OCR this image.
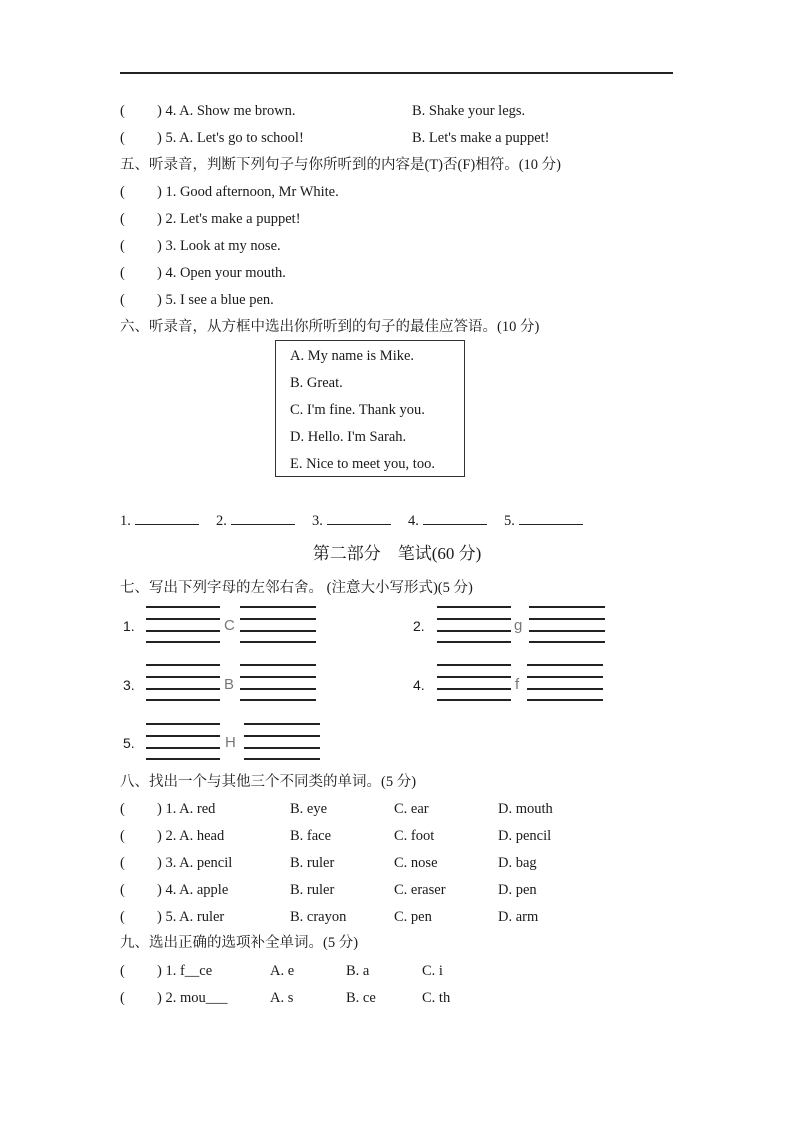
( ) 4. A. Show me brown.	B. Shake your legs.
( ) 5. A. Let's go to school!	B. Let's make a puppet!
五、听录音，判断下列句子与你所听到的内容是(T)否(F)相符。(10 分)
( ) 1. Good afternoon, Mr White.
( ) 2. Let's make a puppet!
( ) 3. Look at my nose.
( ) 4. Open your mouth.
( ) 5. I see a blue pen.
六、听录音，从方框中选出你所听到的句子的最佳应答语。(10 分)
A. My name is Mike.
B. Great.
C. I'm fine. Thank you.
D. Hello. I'm Sarah.
E. Nice to meet you, too.
1.	2.	3.	4.	5.
第二部分　笔试(60 分)
七、写出下列字母的左邻右舍。 (注意大小写形式)(5 分)
1.	C	2.	g
3.	B	4.	f
5.	H
八、找出一个与其他三个不同类的单词。(5 分)
( ) 1. A. red	B. eye	C. ear	D. mouth
( ) 2. A. head	B. face	C. foot	D. pencil
( ) 3. A. pencil	B. ruler	C. nose	D. bag
( ) 4. A. apple	B. ruler	C. eraser	D. pen
( ) 5. A. ruler	B. crayon	C. pen	D. arm
九、选出正确的选项补全单词。(5 分)
( ) 1. f__ce	A. e	B. a	C. i
( ) 2. mou___	A. s	B. ce	C. th
